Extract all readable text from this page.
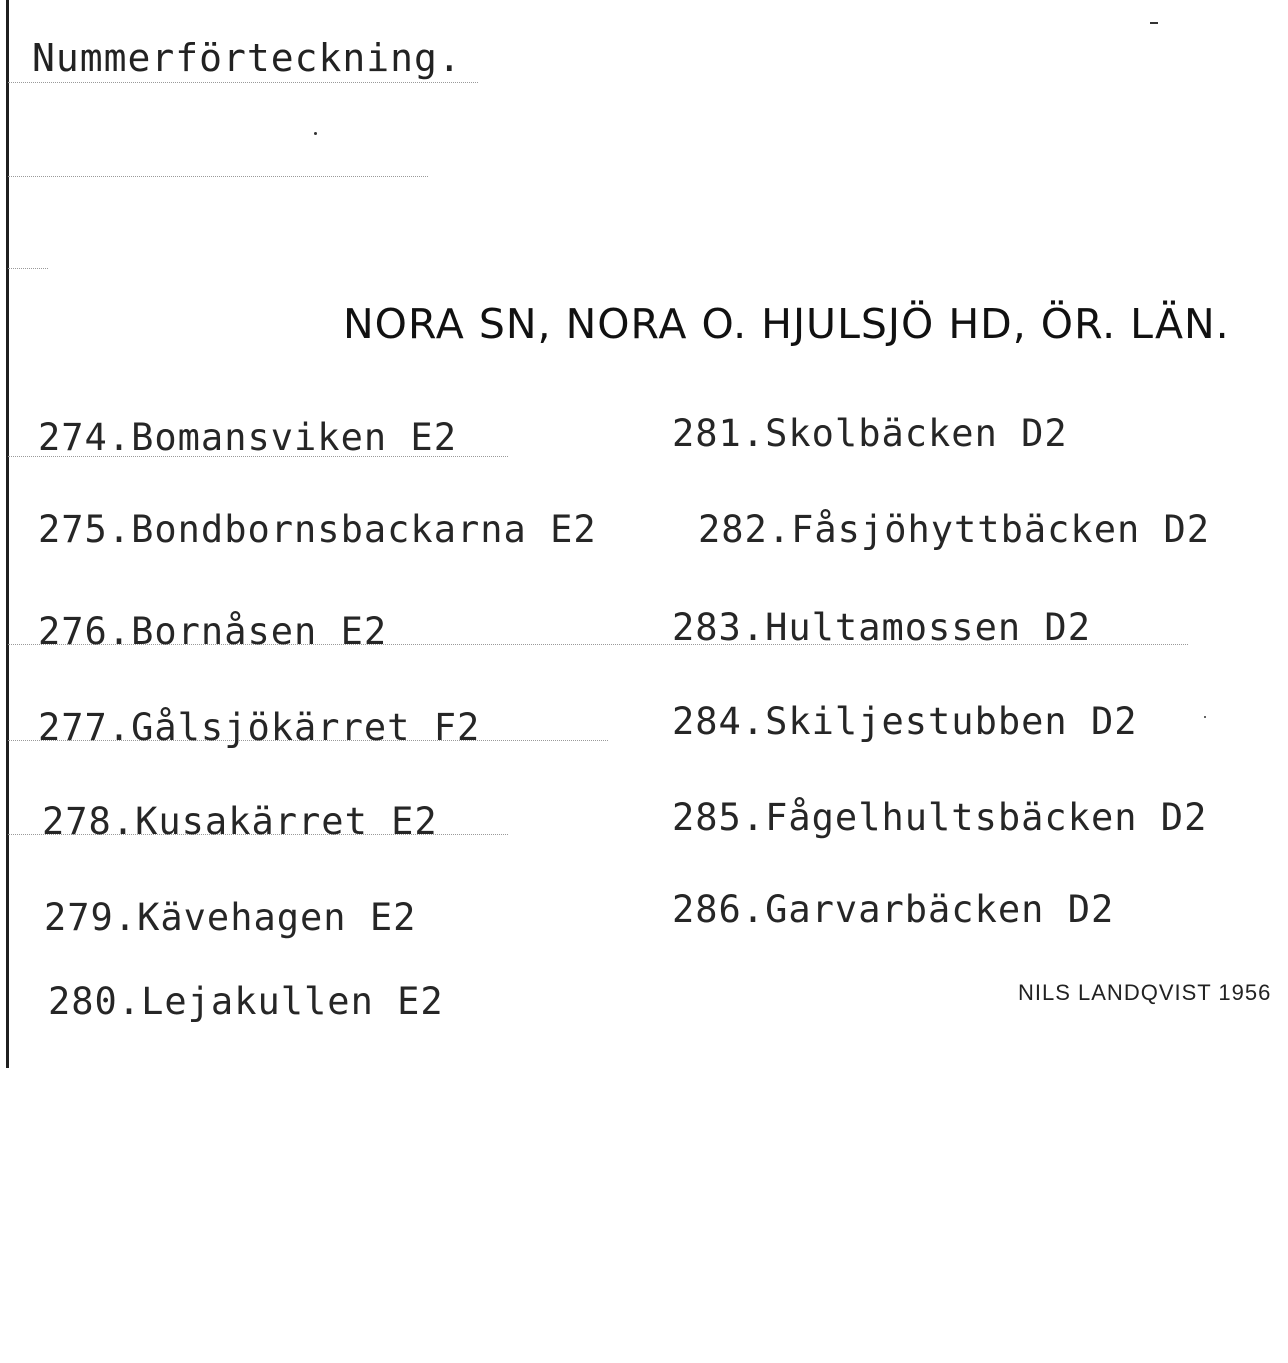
Nummerförteckning.
NORA SN, NORA O. HJULSJÖ HD, ÖR. LÄN.
274.Bomansviken E2
275.Bondbornsbackarna E2
276.Bornåsen E2
277.Gålsjökärret F2
278.Kusakärret E2
279.Kävehagen E2
280.Lejakullen E2
281.Skolbäcken D2
282.Fåsjöhyttbäcken D2
283.Hultamossen D2
284.Skiljestubben D2
285.Fågelhultsbäcken D2
286.Garvarbäcken D2
NILS LANDQVIST 1956
